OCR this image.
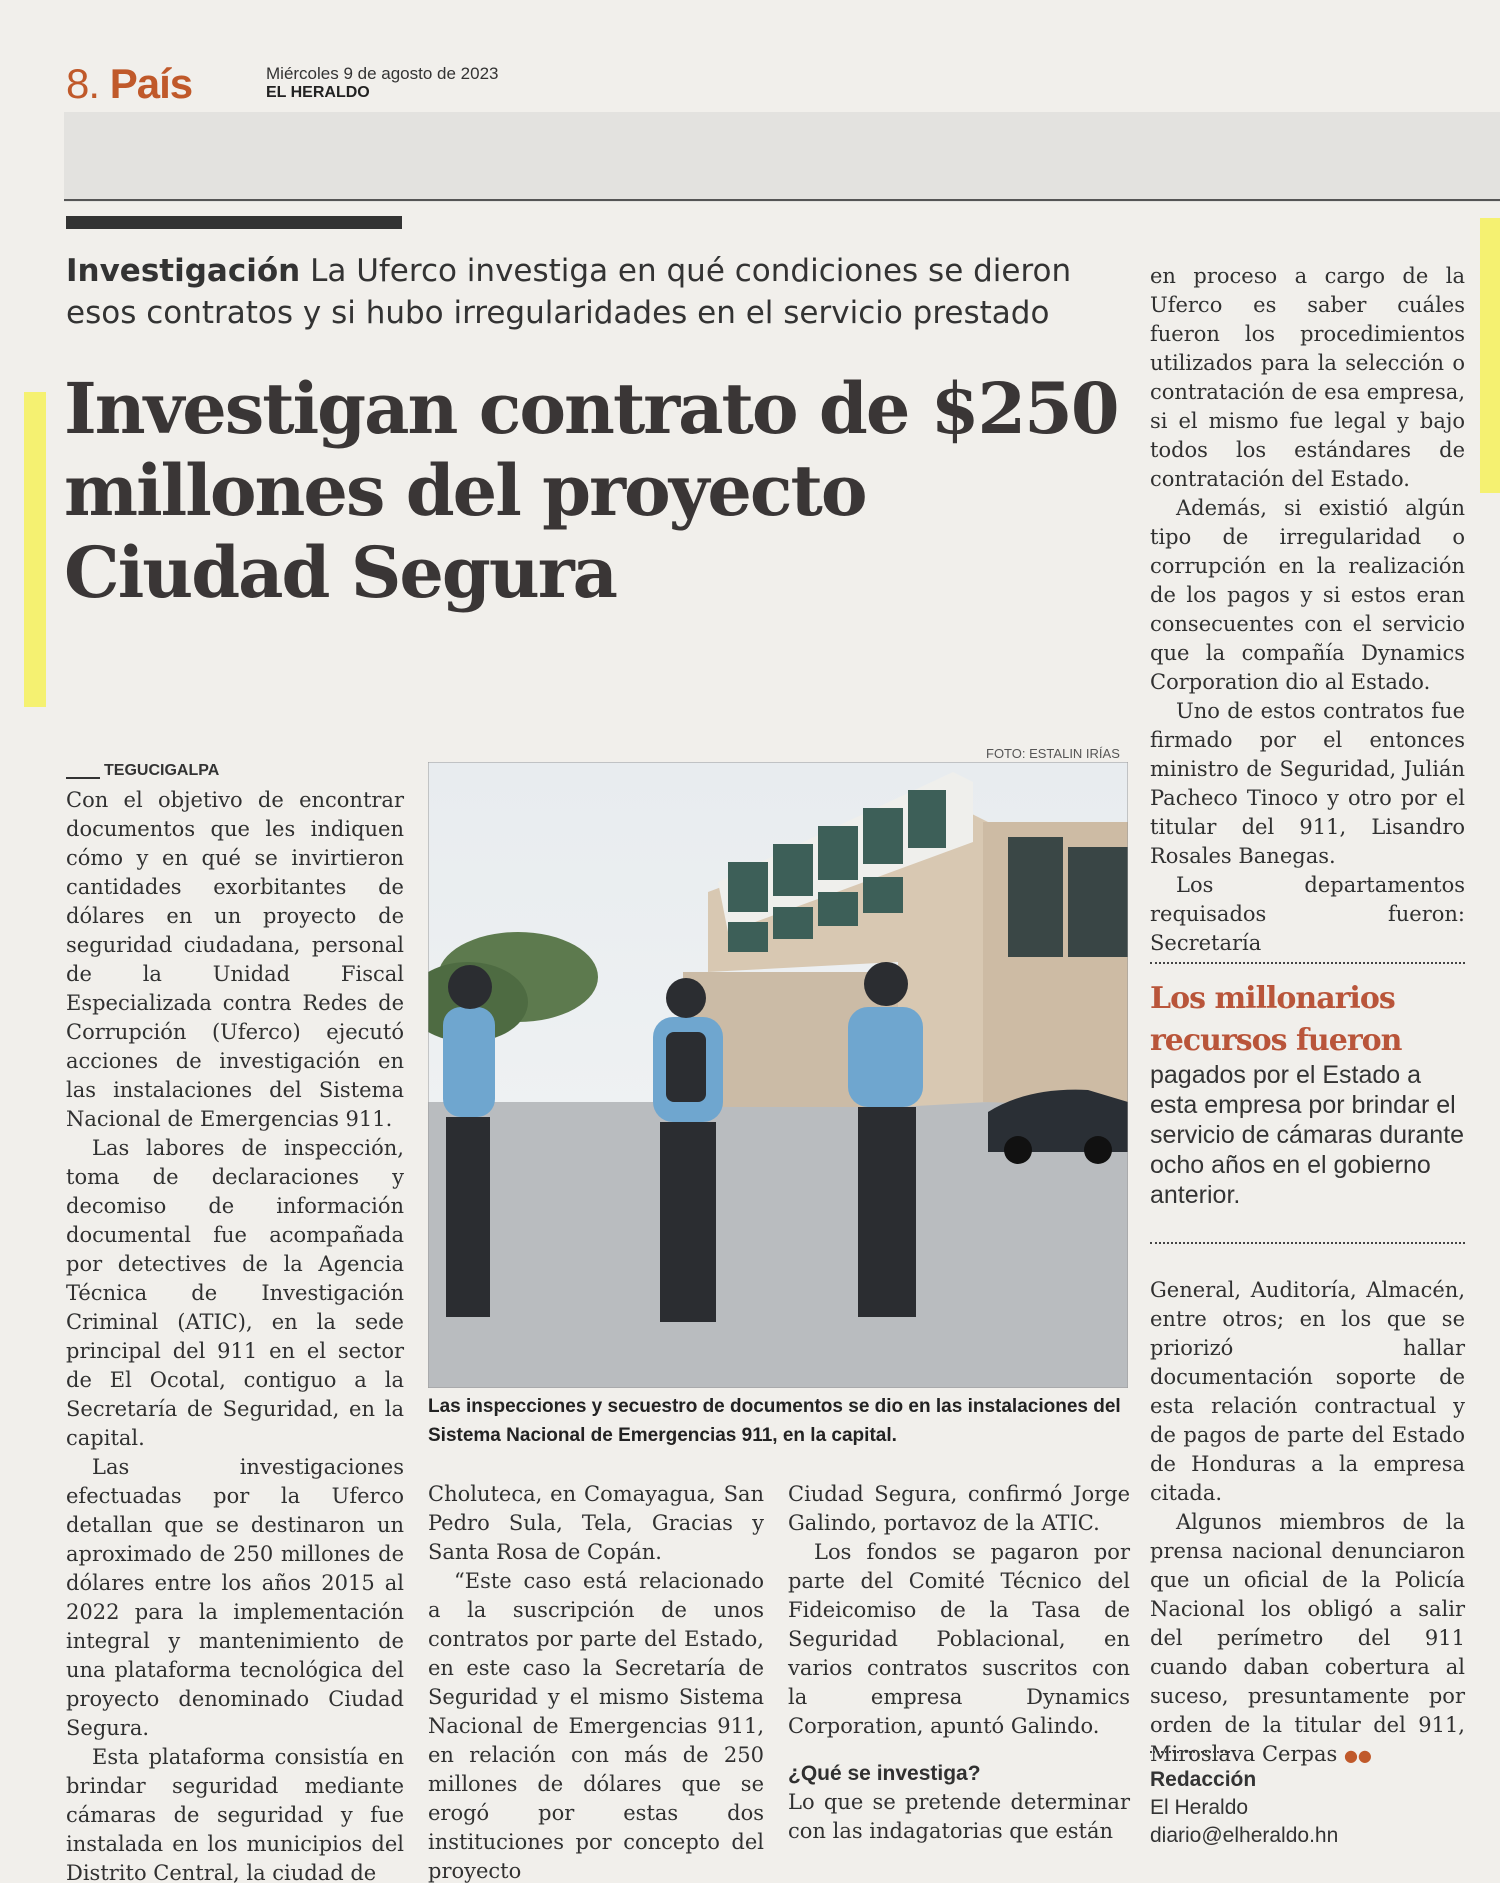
8. País	Miércoles 9 de agosto de 2023
EL HERALDO
Investigación La Uferco investiga en qué condiciones se dieron esos contratos y si hubo irregularidades en el servicio prestado
Investigan contrato de $250 millones del proyecto Ciudad Segura
TEGUCIGALPA

Con el objetivo de encontrar documentos que les indiquen cómo y en qué se invirtieron cantidades exorbitantes de dólares en un proyecto de seguridad ciudadana, personal de la Unidad Fiscal Especializada contra Redes de Corrupción (Uferco) ejecutó acciones de investigación en las instalaciones del Sistema Nacional de Emergencias 911.

Las labores de inspección, toma de declaraciones y decomiso de información documental fue acompañada por detectives de la Agencia Técnica de Investigación Criminal (ATIC), en la sede principal del 911 en el sector de El Ocotal, contiguo a la Secretaría de Seguridad, en la capital.

Las investigaciones efectuadas por la Uferco detallan que se destinaron un aproximado de 250 millones de dólares entre los años 2015 al 2022 para la implementación integral y mantenimiento de una plataforma tecnológica del proyecto denominado Ciudad Segura.

Esta plataforma consistía en brindar seguridad mediante cámaras de seguridad y fue instalada en los municipios del Distrito Central, la ciudad de

FOTO: ESTALIN IRÍAS
Las inspecciones y secuestro de documentos se dio en las instalaciones del Sistema Nacional de Emergencias 911, en la capital.

Choluteca, en Comayagua, San Pedro Sula, Tela, Gracias y Santa Rosa de Copán.

“Este caso está relacionado a la suscripción de unos contratos por parte del Estado, en este caso la Secretaría de Seguridad y el mismo Sistema Nacional de Emergencias 911, en relación con más de 250 millones de dólares que se erogó por estas dos instituciones por concepto del proyecto

Ciudad Segura, confirmó Jorge Galindo, portavoz de la ATIC.

Los fondos se pagaron por parte del Comité Técnico del Fideicomiso de la Tasa de Seguridad Poblacional, en varios contratos suscritos con la empresa Dynamics Corporation, apuntó Galindo.

¿Qué se investiga?

Lo que se pretende determinar con las indagatorias que están

en proceso a cargo de la Uferco es saber cuáles fueron los procedimientos utilizados para la selección o contratación de esa empresa, si el mismo fue legal y bajo todos los estándares de contratación del Estado.

Además, si existió algún tipo de irregularidad o corrupción en la realización de los pagos y si estos eran consecuentes con el servicio que la compañía Dynamics Corporation dio al Estado.

Uno de estos contratos fue firmado por el entonces ministro de Seguridad, Julián Pacheco Tinoco y otro por el titular del 911, Lisandro Rosales Banegas.

Los departamentos requisados fueron: Secretaría

Los millonarios recursos fueron
pagados por el Estado a esta empresa por brindar el servicio de cámaras durante ocho años en el gobierno anterior.

General, Auditoría, Almacén, entre otros; en los que se priorizó hallar documentación soporte de esta relación contractual y de pagos de parte del Estado de Honduras a la empresa citada.

Algunos miembros de la prensa nacional denunciaron que un oficial de la Policía Nacional los obligó a salir del perímetro del 911 cuando daban cobertura al suceso, presuntamente por orden de la titular del 911, Miroslava Cerpas ●●

Redacción
El Heraldo
diario@elheraldo.hn
